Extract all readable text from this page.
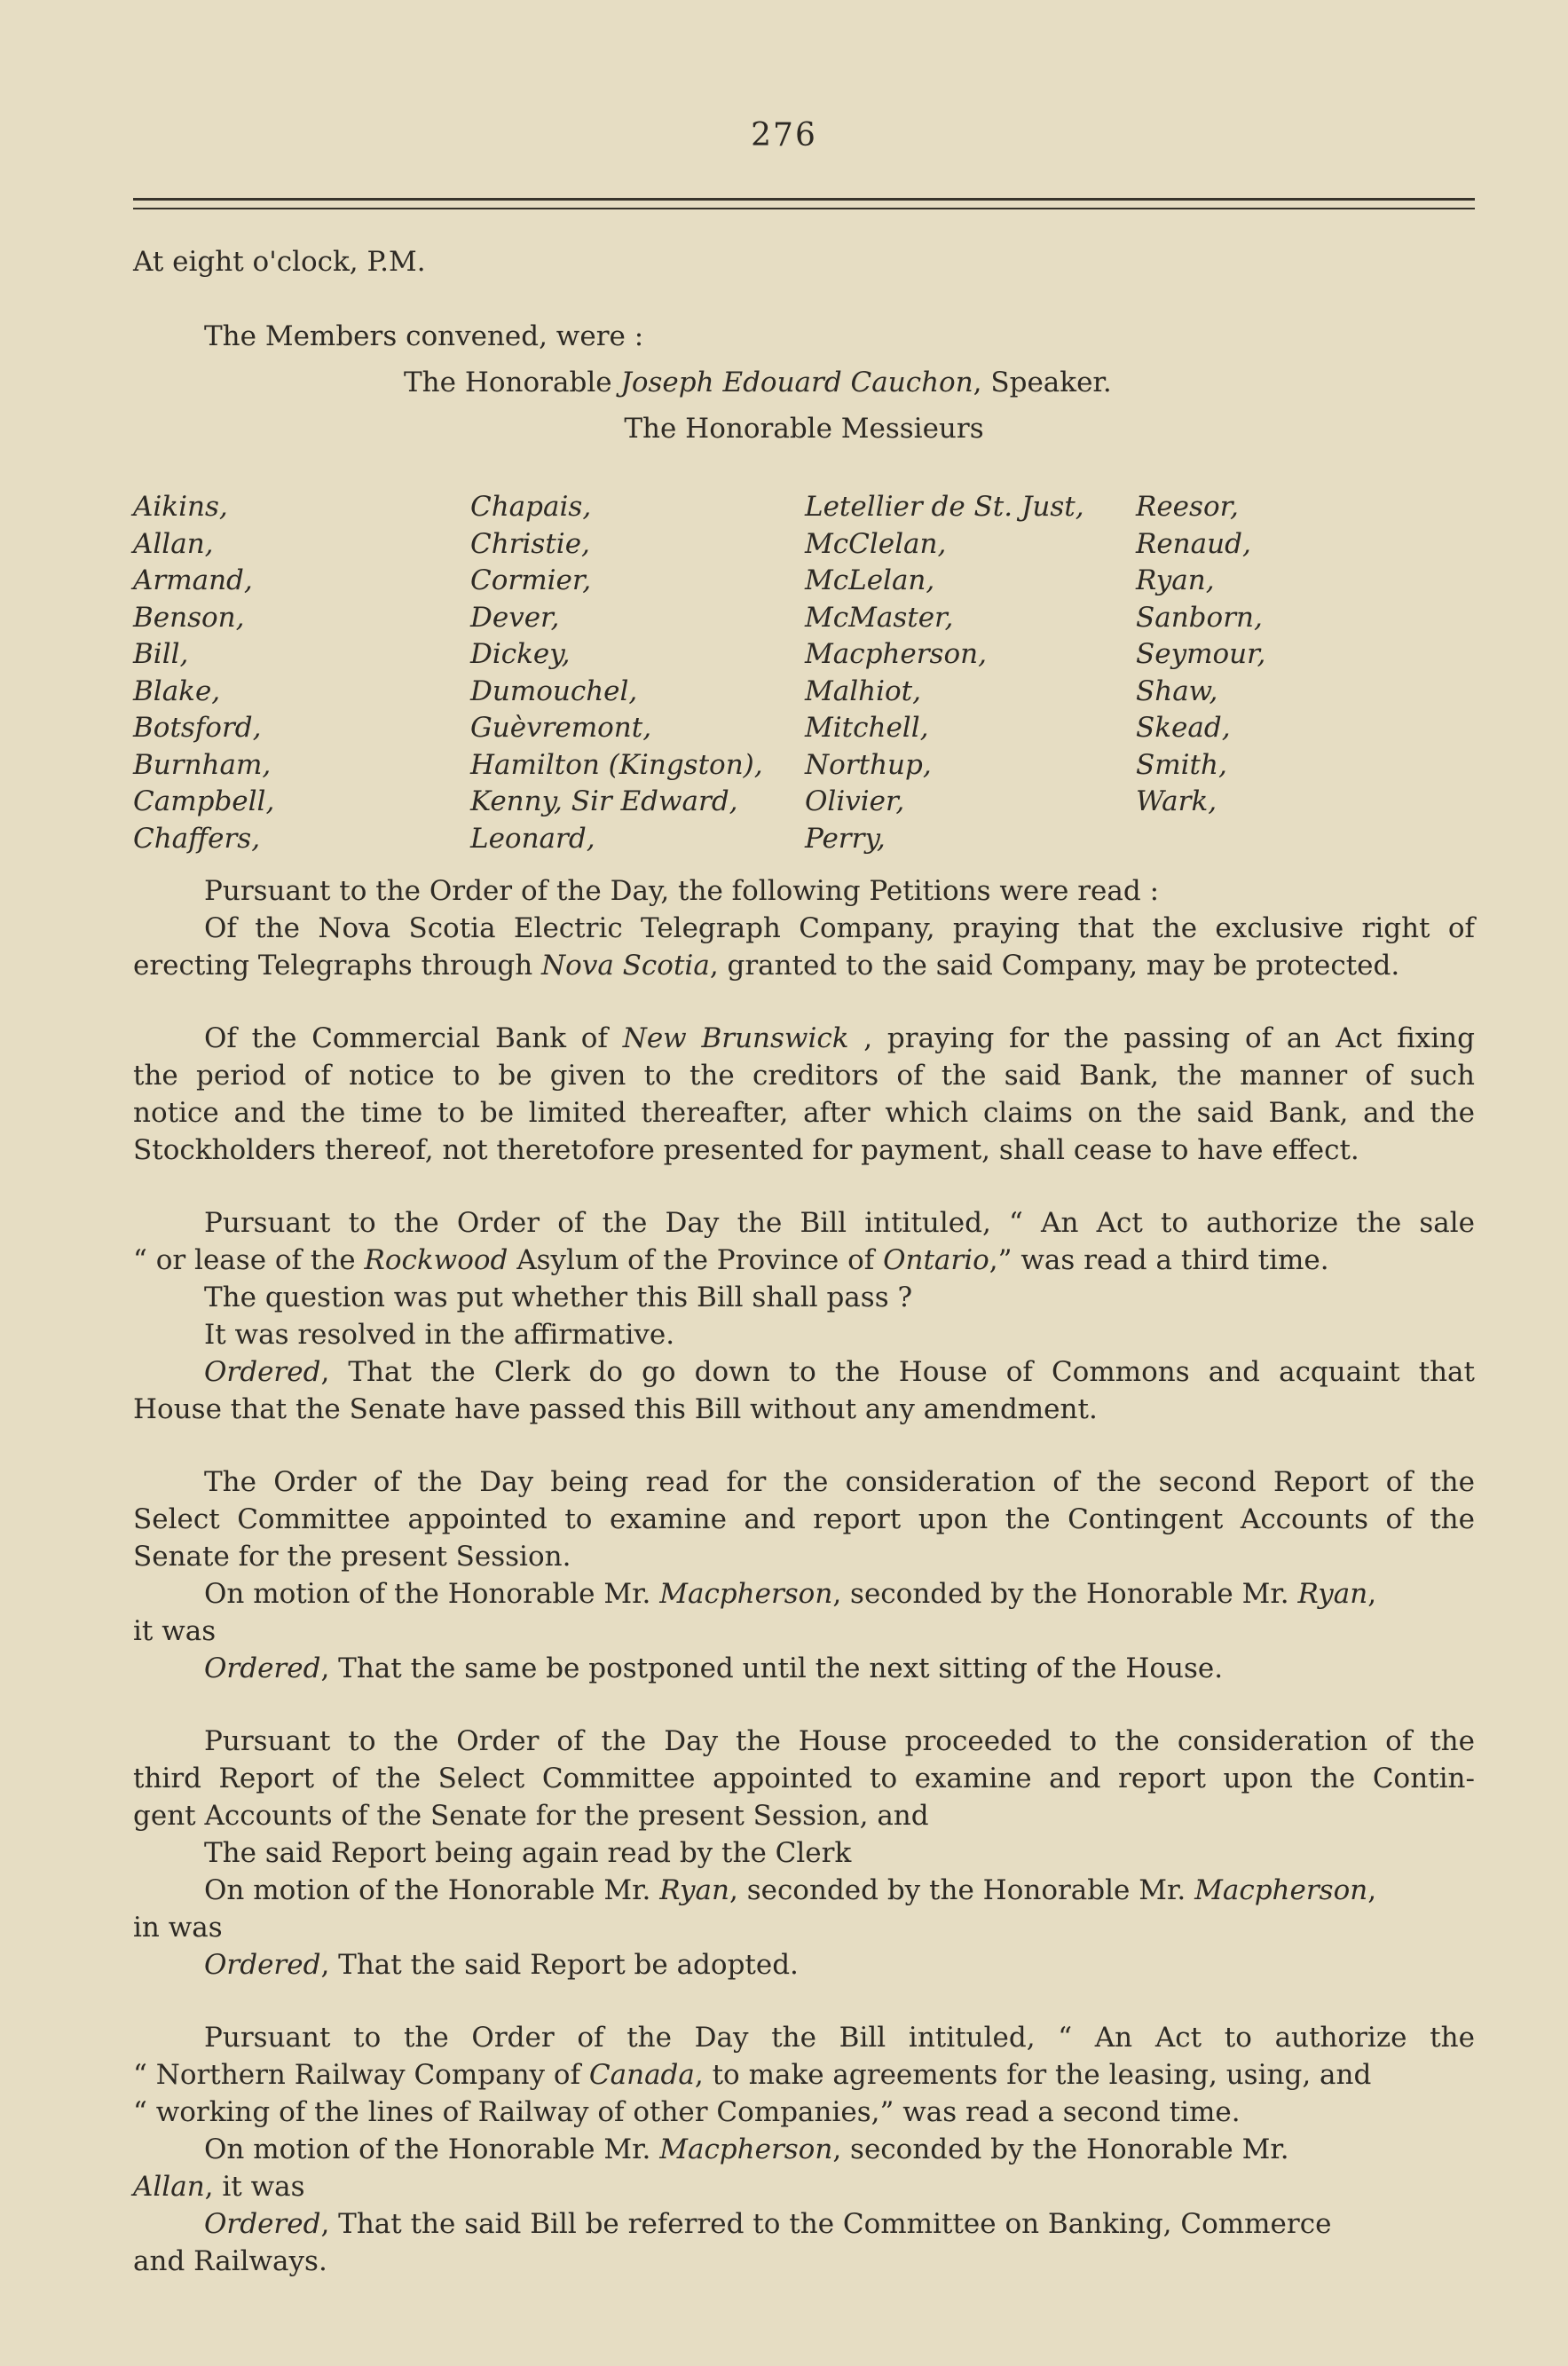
276
At eight o'clock, P.M.
The Members convened, were :
The Honorable Joseph Edouard Cauchon, Speaker.
The Honorable Messieurs
Aikins,
Allan,
Armand,
Benson,
Bill,
Blake,
Botsford,
Burnham,
Campbell,
Chaffers,
Chapais,
Christie,
Cormier,
Dever,
Dickey,
Dumouchel,
Guèvremont,
Hamilton (Kingston),
Kenny, Sir Edward,
Leonard,
Letellier de St. Just,
McClelan,
McLelan,
McMaster,
Macpherson,
Malhiot,
Mitchell,
Northup,
Olivier,
Perry,
Reesor,
Renaud,
Ryan,
Sanborn,
Seymour,
Shaw,
Skead,
Smith,
Wark,
Pursuant to the Order of the Day, the following Petitions were read :
Of the Nova Scotia Electric Telegraph Company, praying that the exclusive right of
erecting Telegraphs through Nova Scotia, granted to the said Company, may be protected.
Of the Commercial Bank of New Brunswick , praying for the passing of an Act fixing
the period of notice to be given to the creditors of the said Bank, the manner of such
notice and the time to be limited thereafter, after which claims on the said Bank, and the
Stockholders thereof, not theretofore presented for payment, shall cease to have effect.
Pursuant to the Order of the Day the Bill intituled, “ An Act to authorize the sale
“ or lease of the Rockwood Asylum of the Province of Ontario,” was read a third time.
The question was put whether this Bill shall pass ?
It was resolved in the affirmative.
Ordered, That the Clerk do go down to the House of Commons and acquaint that
House that the Senate have passed this Bill without any amendment.
The Order of the Day being read for the consideration of the second Report of the
Select Committee appointed to examine and report upon the Contingent Accounts of the
Senate for the present Session.
On motion of the Honorable Mr. Macpherson, seconded by the Honorable Mr. Ryan,
it was
Ordered, That the same be postponed until the next sitting of the House.
Pursuant to the Order of the Day the House proceeded to the consideration of the
third Report of the Select Committee appointed to examine and report upon the Contin-
gent Accounts of the Senate for the present Session, and
The said Report being again read by the Clerk
On motion of the Honorable Mr. Ryan, seconded by the Honorable Mr. Macpherson,
in was
Ordered, That the said Report be adopted.
Pursuant to the Order of the Day the Bill intituled, “ An Act to authorize the
“ Northern Railway Company of Canada, to make agreements for the leasing, using, and
“ working of the lines of Railway of other Companies,” was read a second time.
On motion of the Honorable Mr. Macpherson, seconded by the Honorable Mr.
Allan, it was
Ordered, That the said Bill be referred to the Committee on Banking, Commerce
and Railways.
